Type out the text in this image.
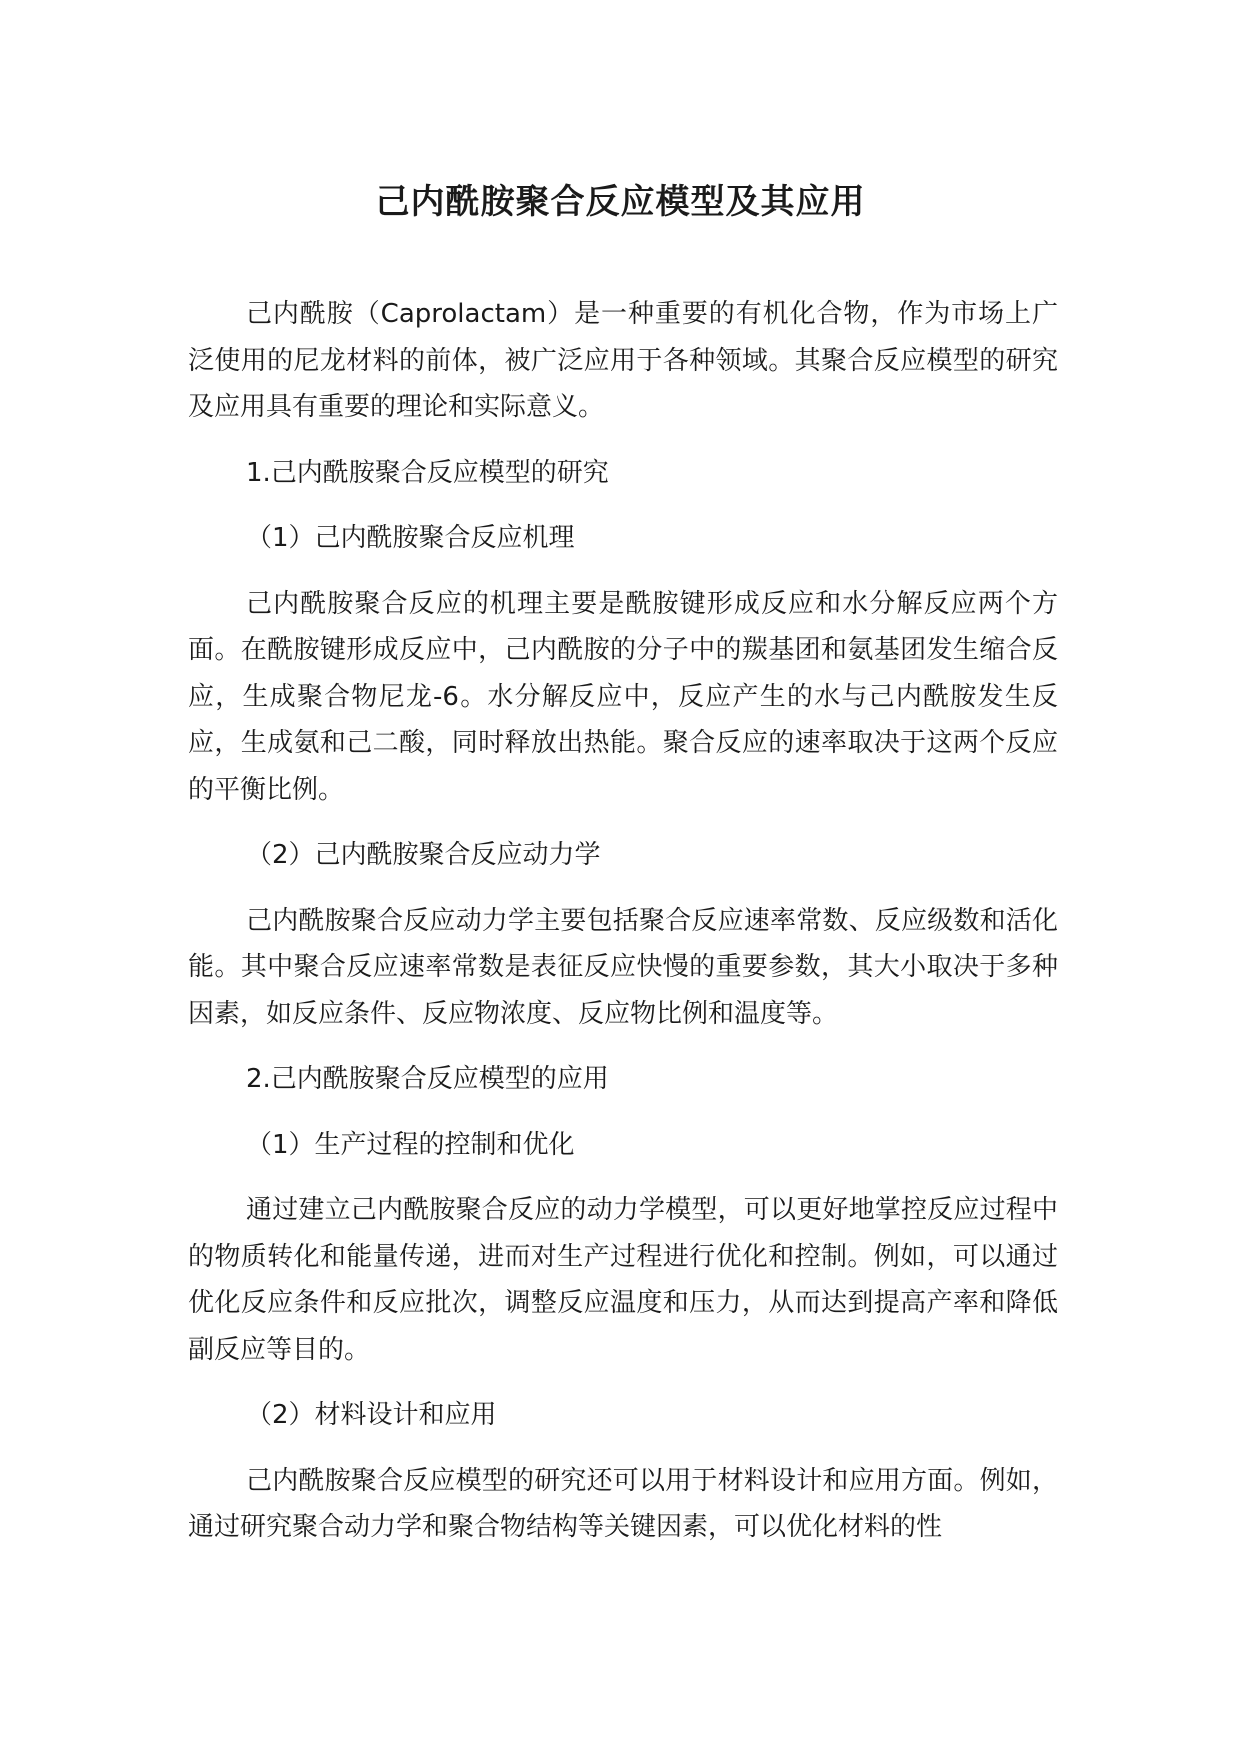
己内酰胺聚合反应模型及其应用

己内酰胺（Caprolactam）是一种重要的有机化合物，作为市场上广泛使用的尼龙材料的前体，被广泛应用于各种领域。其聚合反应模型的研究及应用具有重要的理论和实际意义。

1.己内酰胺聚合反应模型的研究

（1）己内酰胺聚合反应机理

己内酰胺聚合反应的机理主要是酰胺键形成反应和水分解反应两个方面。在酰胺键形成反应中，己内酰胺的分子中的羰基团和氨基团发生缩合反应，生成聚合物尼龙-6。水分解反应中，反应产生的水与己内酰胺发生反应，生成氨和己二酸，同时释放出热能。聚合反应的速率取决于这两个反应的平衡比例。

（2）己内酰胺聚合反应动力学

己内酰胺聚合反应动力学主要包括聚合反应速率常数、反应级数和活化能。其中聚合反应速率常数是表征反应快慢的重要参数，其大小取决于多种因素，如反应条件、反应物浓度、反应物比例和温度等。

2.己内酰胺聚合反应模型的应用

（1）生产过程的控制和优化

通过建立己内酰胺聚合反应的动力学模型，可以更好地掌控反应过程中的物质转化和能量传递，进而对生产过程进行优化和控制。例如，可以通过优化反应条件和反应批次，调整反应温度和压力，从而达到提高产率和降低副反应等目的。

（2）材料设计和应用

己内酰胺聚合反应模型的研究还可以用于材料设计和应用方面。例如，通过研究聚合动力学和聚合物结构等关键因素，可以优化材料的性
